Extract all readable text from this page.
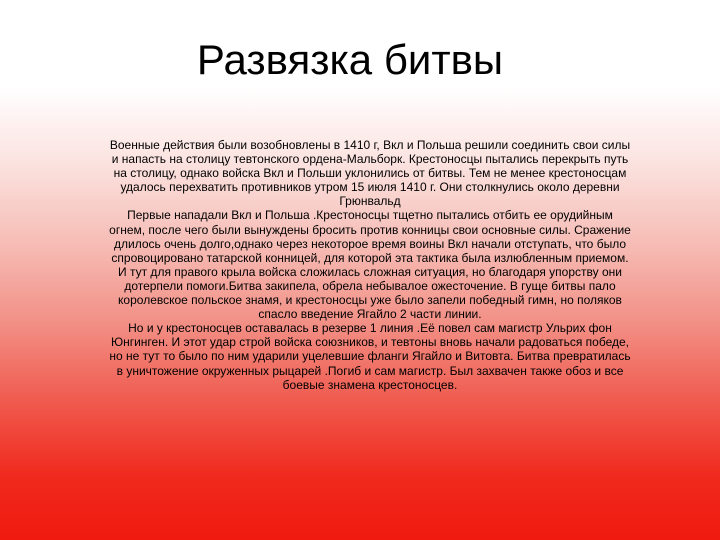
Развязка битвы

Военные действия были возобновлены в 1410 г, Вкл и Польша решили соединить свои силы и напасть на столицу тевтонского ордена-Мальборк. Крестоносцы пытались перекрыть путь на столицу, однако войска Вкл и Польши уклонились от битвы. Тем не менее крестоносцам удалось перехватить противников утром 15 июля 1410 г. Они столкнулись около деревни Грюнвальд

Первые нападали Вкл и Польша .Крестоносцы тщетно пытались отбить ее орудийным огнем, после чего были вынуждены бросить против конницы свои основные силы. Сражение длилось очень долго,однако через некоторое время воины Вкл начали отступать, что было спровоцировано татарской конницей, для которой эта тактика была излюбленным приемом.

И тут для правого крыла войска сложилась сложная ситуация, но благодаря упорству они дотерпели помоги.Битва закипела, обрела небывалое ожесточение. В гуще битвы пало королевское польское знамя, и крестоносцы уже было запели победный гимн, но поляков спасло введение Ягайло 2 части линии.

Но и у крестоносцев оставалась в резерве 1 линия .Её повел сам магистр Ульрих фон Юнгинген. И этот удар строй войска союзников, и тевтоны вновь начали радоваться победе, но не тут то было по ним ударили уцелевшие фланги Ягайло и Витовта. Битва превратилась в уничтожение окруженных рыцарей .Погиб и сам магистр. Был захвачен также обоз и все боевые знамена крестоносцев.
